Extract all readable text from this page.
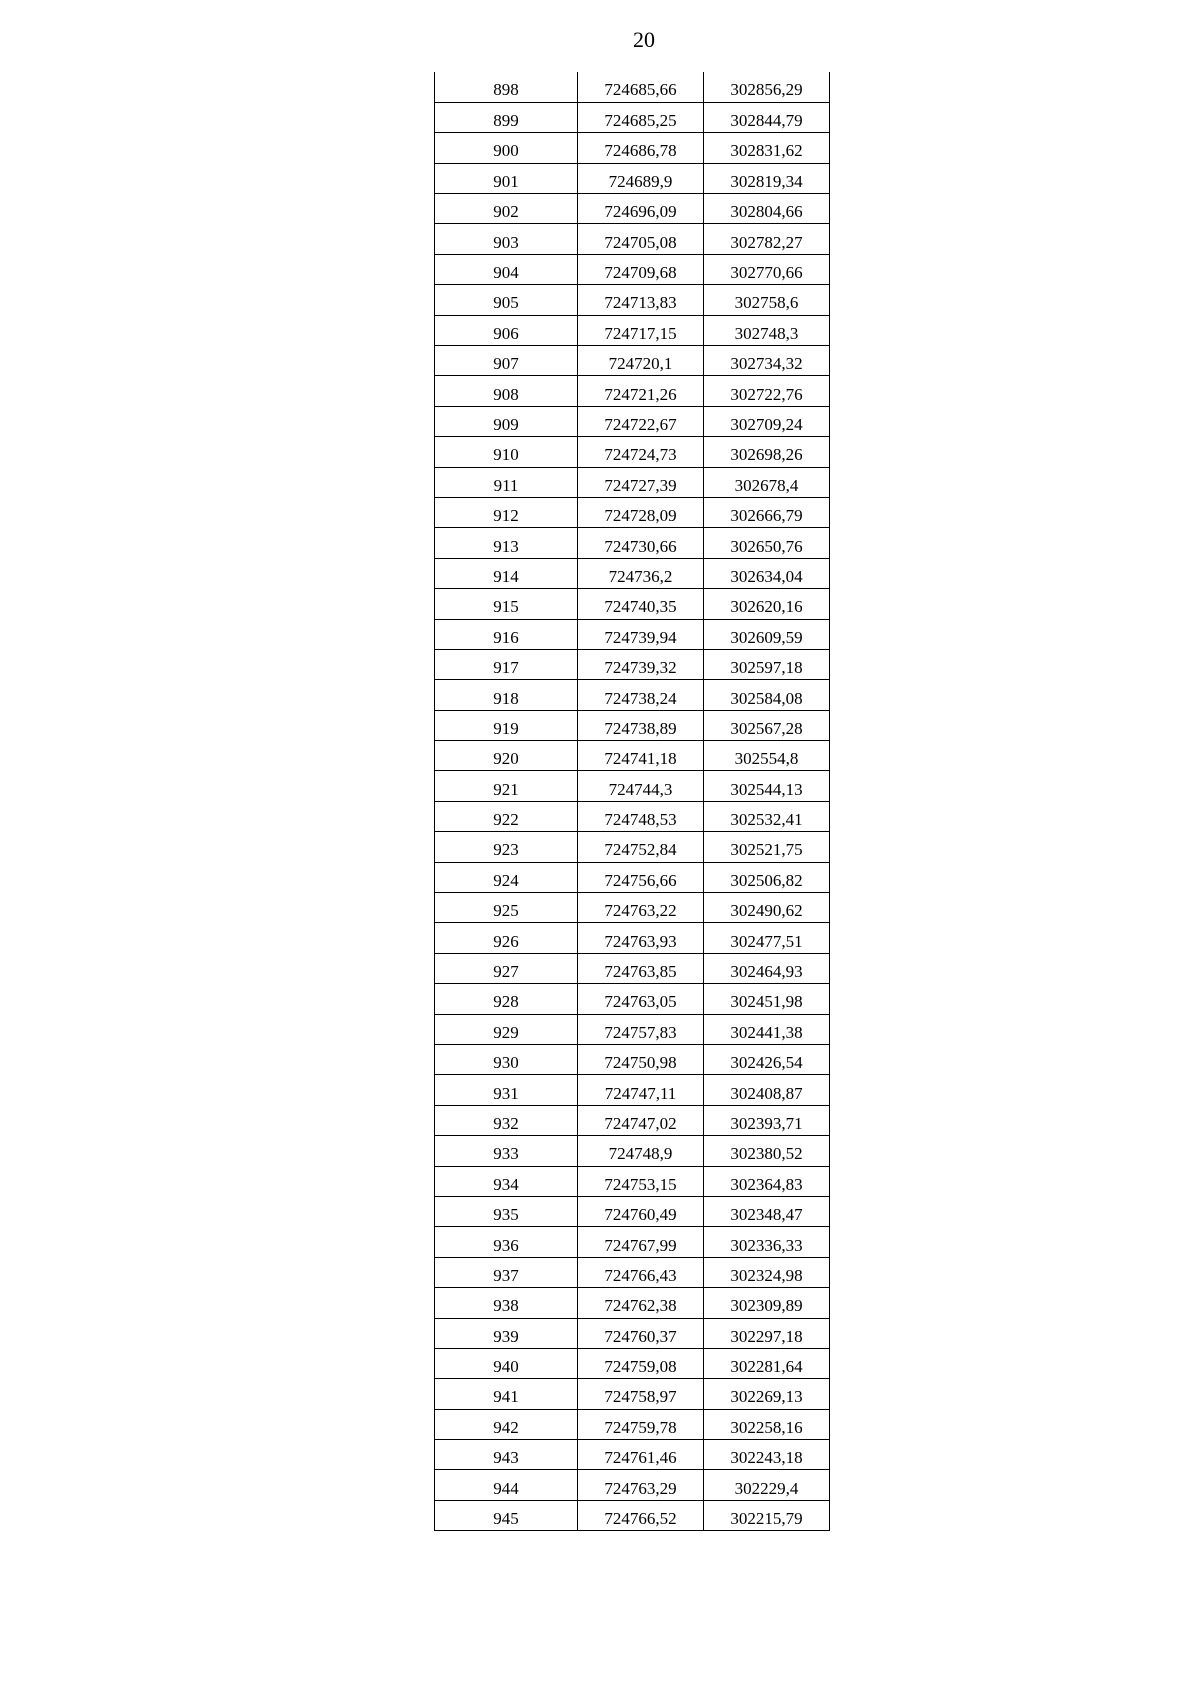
20
898	724685,66	302856,29
899	724685,25	302844,79
900	724686,78	302831,62
901	724689,9	302819,34
902	724696,09	302804,66
903	724705,08	302782,27
904	724709,68	302770,66
905	724713,83	302758,6
906	724717,15	302748,3
907	724720,1	302734,32
908	724721,26	302722,76
909	724722,67	302709,24
910	724724,73	302698,26
911	724727,39	302678,4
912	724728,09	302666,79
913	724730,66	302650,76
914	724736,2	302634,04
915	724740,35	302620,16
916	724739,94	302609,59
917	724739,32	302597,18
918	724738,24	302584,08
919	724738,89	302567,28
920	724741,18	302554,8
921	724744,3	302544,13
922	724748,53	302532,41
923	724752,84	302521,75
924	724756,66	302506,82
925	724763,22	302490,62
926	724763,93	302477,51
927	724763,85	302464,93
928	724763,05	302451,98
929	724757,83	302441,38
930	724750,98	302426,54
931	724747,11	302408,87
932	724747,02	302393,71
933	724748,9	302380,52
934	724753,15	302364,83
935	724760,49	302348,47
936	724767,99	302336,33
937	724766,43	302324,98
938	724762,38	302309,89
939	724760,37	302297,18
940	724759,08	302281,64
941	724758,97	302269,13
942	724759,78	302258,16
943	724761,46	302243,18
944	724763,29	302229,4
945	724766,52	302215,79
